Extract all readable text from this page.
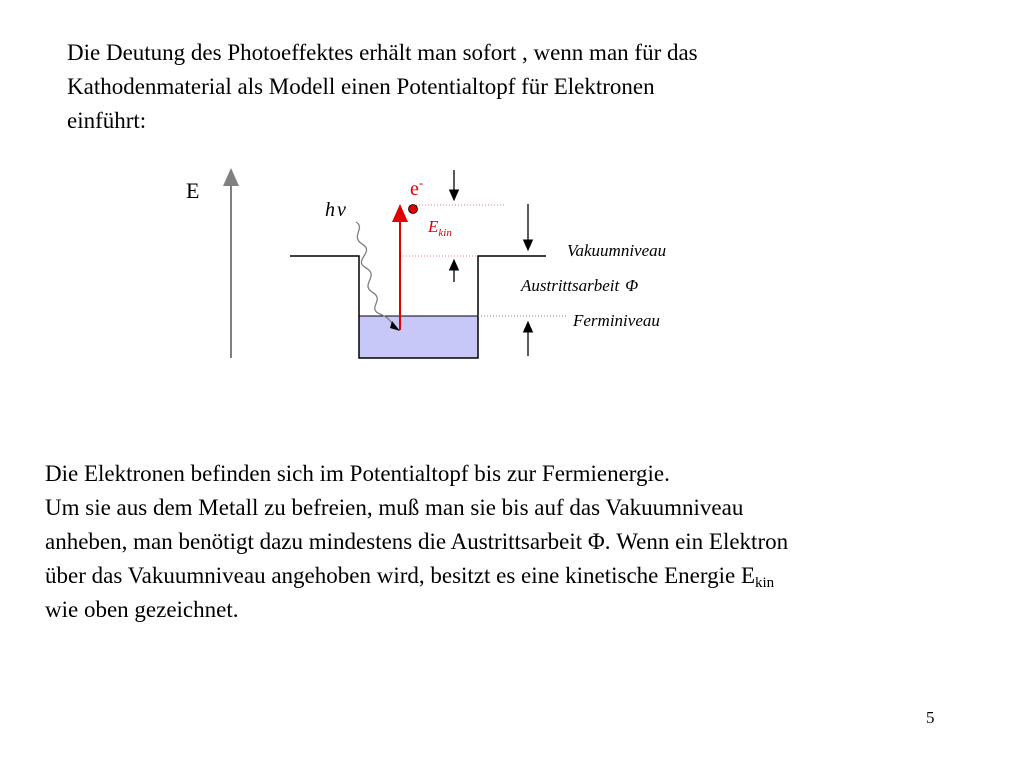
Die Deutung des Photoeffektes erhält man sofort , wenn man für das
Kathodenmaterial als Modell einen Potentialtopf für Elektronen
einführt:
E
h ν
e-
$E_{kin}$
Vakuumniveau
Austrittsarbeit Φ
Ferminiveau
Die Elektronen befinden sich im Potentialtopf bis zur Fermienergie.
Um sie aus dem Metall zu befreien, muß man sie bis auf das Vakuumniveau
anheben, man benötigt dazu mindestens die Austrittsarbeit Φ. Wenn ein Elektron
über das Vakuumniveau angehoben wird, besitzt es eine kinetische Energie $E_{kin}$
wie oben gezeichnet.
5
